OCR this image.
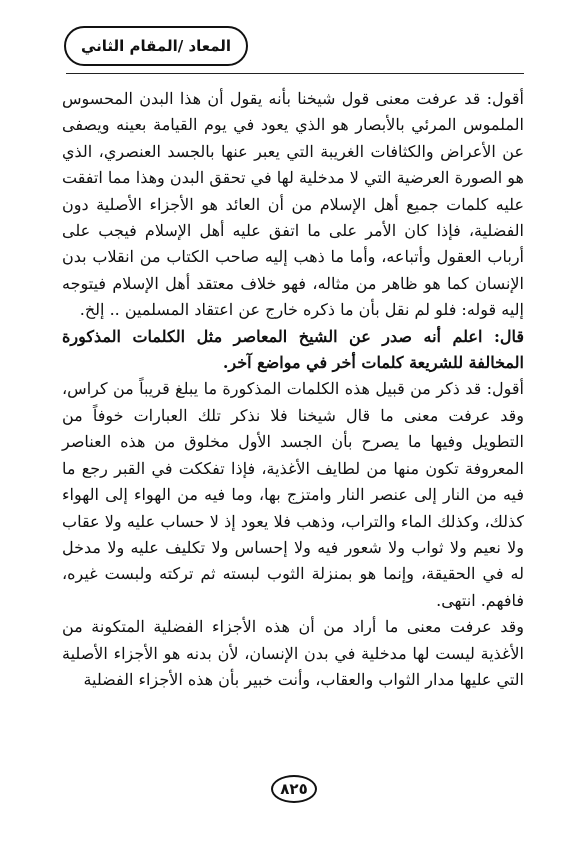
المعاد /المقام الثاني

أقول: قد عرفت معنى قول شيخنا بأنه يقول أن هذا البدن المحسوس الملموس المرئي بالأبصار هو الذي يعود في يوم القيامة بعينه ويصفى عن الأعراض والكثافات الغريبة التي يعبر عنها بالجسد العنصري، الذي هو الصورة العرضية التي لا مدخلية لها في تحقق البدن وهذا مما اتفقت عليه كلمات جميع أهل الإسلام من أن العائد هو الأجزاء الأصلية دون الفضلية، فإذا كان الأمر على ما اتفق عليه أهل الإسلام فيجب على أرباب العقول وأتباعه، وأما ما ذهب إليه صاحب الكتاب من انقلاب بدن الإنسان كما هو ظاهر من مثاله، فهو خلاف معتقد أهل الإسلام فيتوجه إليه قوله: فلو لم نقل بأن ما ذكره خارج عن اعتقاد المسلمين .. إلخ.

قال: اعلم أنه صدر عن الشيخ المعاصر مثل الكلمات المذكورة المخالفة للشريعة كلمات أخر في مواضع آخر.

أقول: قد ذكر من قبيل هذه الكلمات المذكورة ما يبلغ قريباً من كراس، وقد عرفت معنى ما قال شيخنا فلا نذكر تلك العبارات خوفاً من التطويل وفيها ما يصرح بأن الجسد الأول مخلوق من هذه العناصر المعروفة تكون منها من لطايف الأغذية، فإذا تفككت في القبر رجع ما فيه من النار إلى عنصر النار وامتزج بها، وما فيه من الهواء إلى الهواء كذلك، وكذلك الماء والتراب، وذهب فلا يعود إذ لا حساب عليه ولا عقاب ولا نعيم ولا ثواب ولا شعور فيه ولا إحساس ولا تكليف عليه ولا مدخل له في الحقيقة، وإنما هو بمنزلة الثوب لبسته ثم تركته ولبست غيره، فافهم. انتهى.

وقد عرفت معنى ما أراد من أن هذه الأجزاء الفضلية المتكونة من الأغذية ليست لها مدخلية في بدن الإنسان، لأن بدنه هو الأجزاء الأصلية التي عليها مدار الثواب والعقاب، وأنت خبير بأن هذه الأجزاء الفضلية

٨٢٥
